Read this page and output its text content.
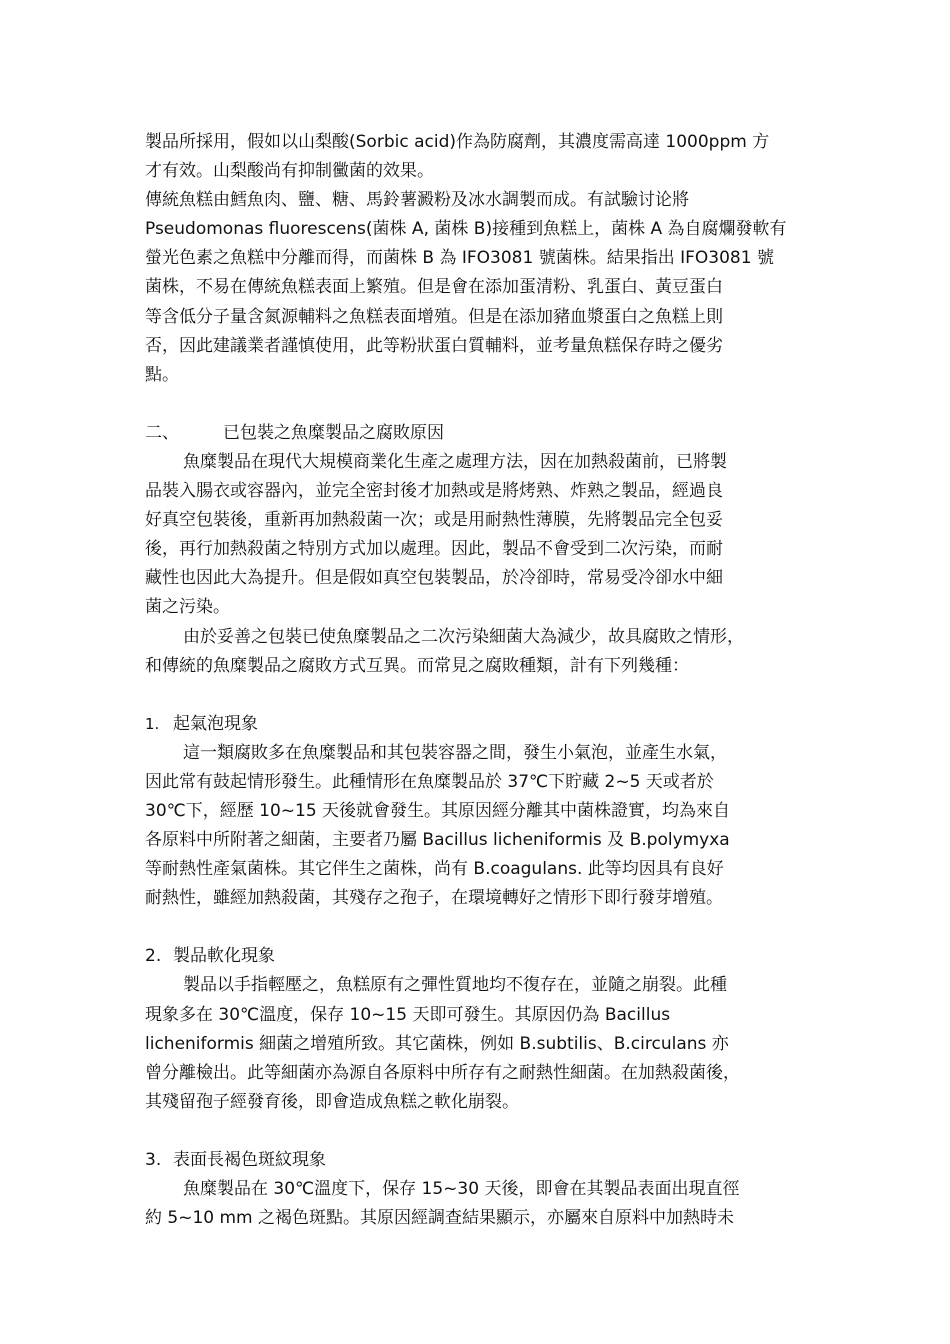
製品所採用，假如以山梨酸(Sorbic acid)作為防腐劑，其濃度需高達 1000ppm 方
才有效。山梨酸尚有抑制黴菌的效果。
傳統魚糕由鱈魚肉、鹽、糖、馬鈴薯澱粉及冰水調製而成。有試驗讨论將
Pseudomonas fluorescens(菌株 A, 菌株 B)接種到魚糕上，菌株 A 為自腐爛發軟有
螢光色素之魚糕中分離而得，而菌株 B 為 IFO3081 號菌株。結果指出 IFO3081 號
菌株，不易在傳統魚糕表面上繁殖。但是會在添加蛋清粉、乳蛋白、黃豆蛋白
等含低分子量含氮源輔料之魚糕表面增殖。但是在添加豬血漿蛋白之魚糕上則
否，因此建議業者謹慎使用，此等粉狀蛋白質輔料，並考量魚糕保存時之優劣
點。
二、	已包裝之魚糜製品之腐敗原因
魚糜製品在現代大規模商業化生產之處理方法，因在加熱殺菌前，已將製
品裝入腸衣或容器內，並完全密封後才加熱或是將烤熟、炸熟之製品，經過良
好真空包裝後，重新再加熱殺菌一次；或是用耐熱性薄膜，先將製品完全包妥
後，再行加熱殺菌之特別方式加以處理。因此，製品不會受到二次污染，而耐
藏性也因此大為提升。但是假如真空包裝製品，於冷卻時，常易受冷卻水中細
菌之污染。
由於妥善之包裝已使魚糜製品之二次污染細菌大為減少，故具腐敗之情形，
和傳統的魚糜製品之腐敗方式互異。而常見之腐敗種類，計有下列幾種：
1. 起氣泡現象
這一類腐敗多在魚糜製品和其包裝容器之間，發生小氣泡，並產生水氣，
因此常有鼓起情形發生。此種情形在魚糜製品於 37℃下貯藏 2~5 天或者於
30℃下，經歷 10~15 天後就會發生。其原因經分離其中菌株證實，均為來自
各原料中所附著之細菌，主要者乃屬 Bacillus licheniformis 及 B.polymyxa
等耐熱性產氣菌株。其它伴生之菌株，尚有 B.coagulans. 此等均因具有良好
耐熱性，雖經加熱殺菌，其殘存之孢子，在環境轉好之情形下即行發芽增殖。
2. 製品軟化現象
製品以手指輕壓之，魚糕原有之彈性質地均不復存在，並隨之崩裂。此種
現象多在 30℃溫度，保存 10~15 天即可發生。其原因仍為 Bacillus
licheniformis 細菌之增殖所致。其它菌株，例如 B.subtilis、B.circulans 亦
曾分離檢出。此等細菌亦為源自各原料中所存有之耐熱性細菌。在加熱殺菌後，
其殘留孢子經發育後，即會造成魚糕之軟化崩裂。
3. 表面長褐色斑紋現象
魚糜製品在 30℃溫度下，保存 15~30 天後，即會在其製品表面出現直徑
約 5~10 mm 之褐色斑點。其原因經調查結果顯示，亦屬來自原料中加熱時未
